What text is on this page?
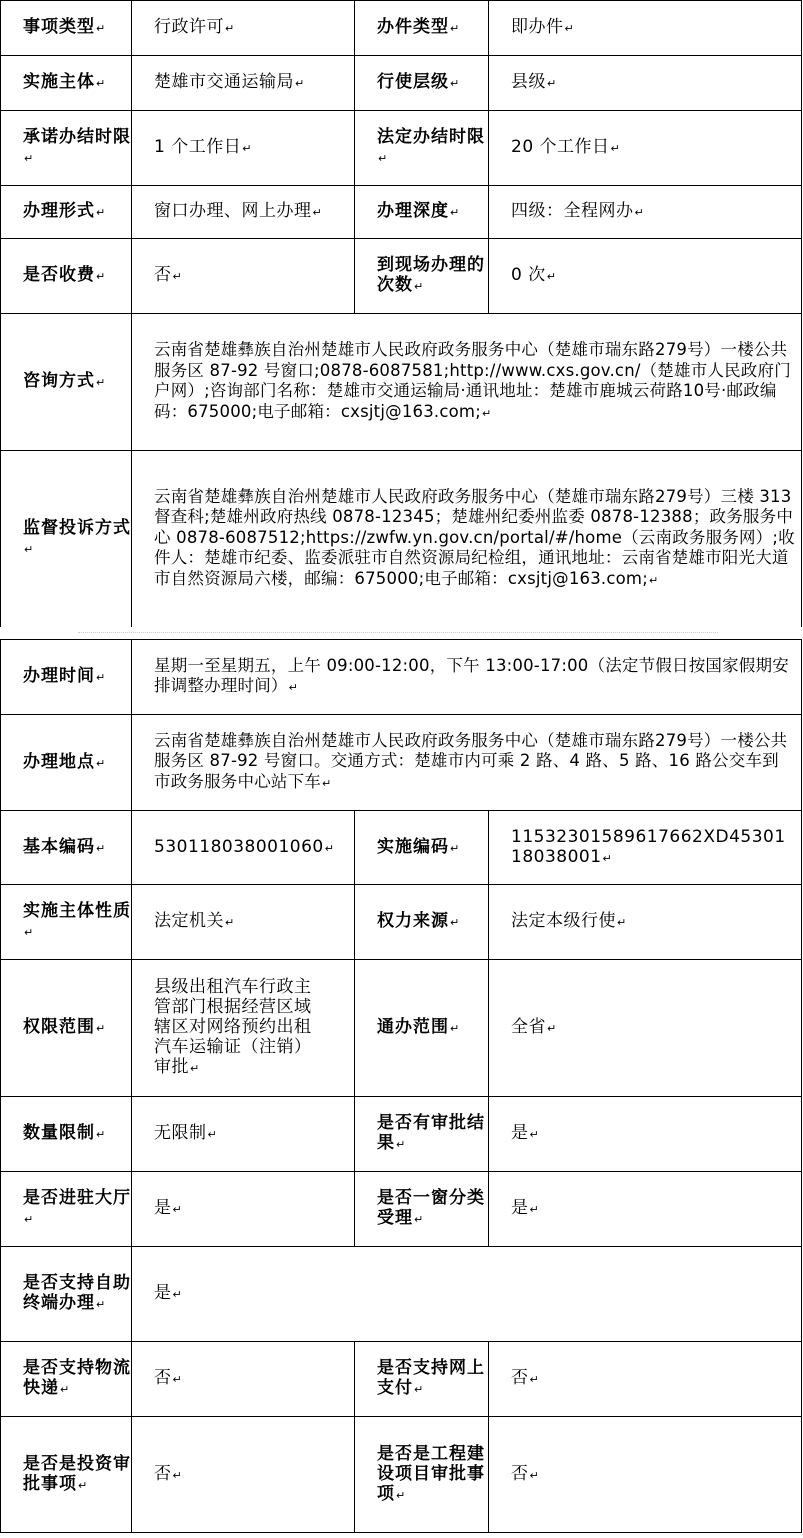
事项类型 ↵	行政许可 ↵	办件类型 ↵	即办件 ↵
实施主体 ↵	楚雄市交通运输局 ↵	行使层级 ↵	县级 ↵
承诺办结时限 ↵	1 个工作日 ↵	法定办结时限 ↵	20 个工作日 ↵
办理形式 ↵	窗口办理、网上办理 ↵	办理深度 ↵	四级：全程网办 ↵
是否收费 ↵	否 ↵	到现场办理的次数 ↵	0 次 ↵
咨询方式 ↵	云南省楚雄彝族自治州楚雄市人民政府政务服务中心（楚雄市瑞东路279号）一楼公共服务区 87-92 号窗口;0878-6087581;http://www.cxs.gov.cn/（楚雄市人民政府门户网）;咨询部门名称：楚雄市交通运输局·通讯地址：楚雄市鹿城云荷路10号·邮政编码：675000;电子邮箱：cxsjtj@163.com; ↵
监督投诉方式 ↵	云南省楚雄彝族自治州楚雄市人民政府政务服务中心（楚雄市瑞东路279号）三楼 313 督查科;楚雄州政府热线 0878-12345；楚雄州纪委州监委 0878-12388；政务服务中心 0878-6087512;https://zwfw.yn.gov.cn/portal/#/home（云南政务服务网）;收件人：楚雄市纪委、监委派驻市自然资源局纪检组，通讯地址：云南省楚雄市阳光大道市自然资源局六楼，邮编：675000;电子邮箱：cxsjtj@163.com; ↵
办理时间 ↵	星期一至星期五，上午 09:00-12:00，下午 13:00-17:00（法定节假日按国家假期安排调整办理时间） ↵
办理地点 ↵	云南省楚雄彝族自治州楚雄市人民政府政务服务中心（楚雄市瑞东路279号）一楼公共服务区 87-92 号窗口。交通方式：楚雄市内可乘 2 路、4 路、5 路、16 路公交车到市政务服务中心站下车 ↵
基本编码 ↵	530118038001060 ↵	实施编码 ↵	11532301589617662XD4530118038001 ↵
实施主体性质 ↵	法定机关 ↵	权力来源 ↵	法定本级行使 ↵
权限范围 ↵	县级出租汽车行政主管部门根据经营区域辖区对网络预约出租汽车运输证（注销）审批 ↵	通办范围 ↵	全省 ↵
数量限制 ↵	无限制 ↵	是否有审批结果 ↵	是 ↵
是否进驻大厅 ↵	是 ↵	是否一窗分类受理 ↵	是 ↵
是否支持自助终端办理 ↵	是 ↵
是否支持物流快递 ↵	否 ↵	是否支持网上支付 ↵	否 ↵
是否是投资审批事项 ↵	否 ↵	是否是工程建设项目审批事项 ↵	否 ↵
